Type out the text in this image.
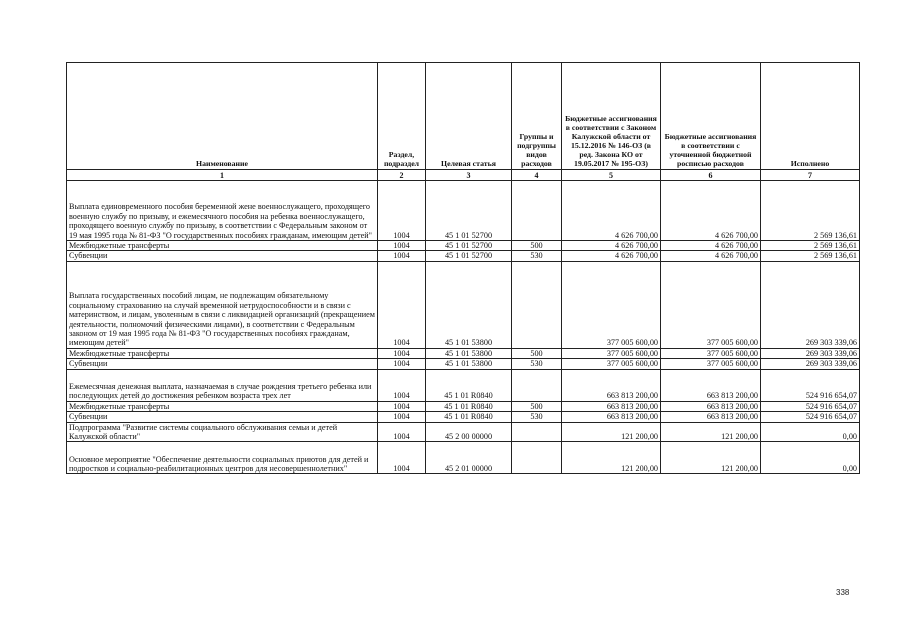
Наименование	Раздел, подраздел	Целевая статья	Группы и подгруппы видов расходов	Бюджетные ассигнования в соответствии с Законом Калужской области от 15.12.2016 № 146-ОЗ (в ред. Закона КО от 19.05.2017 № 195-ОЗ)	Бюджетные ассигнования в соответствии с уточненной бюджетной росписью расходов	Исполнено
1	2	3	4	5	6	7
Выплата единовременного пособия беременной жене военнослужащего, проходящего военную службу по призыву, и ежемесячного пособия на ребенка военнослужащего, проходящего военную службу по призыву, в соответствии с Федеральным законом от 19 мая 1995 года № 81-ФЗ "О государственных пособиях гражданам, имеющим детей"	1004	45 1 01 52700		4 626 700,00	4 626 700,00	2 569 136,61
Межбюджетные трансферты	1004	45 1 01 52700	500	4 626 700,00	4 626 700,00	2 569 136,61
Субвенции	1004	45 1 01 52700	530	4 626 700,00	4 626 700,00	2 569 136,61
Выплата государственных пособий лицам, не подлежащим обязательному социальному страхованию на случай временной нетрудоспособности и в связи с материнством, и лицам, уволенным в связи с ликвидацией организаций (прекращением деятельности, полномочий физическими лицами), в соответствии с Федеральным законом от 19 мая 1995 года № 81-ФЗ "О государственных пособиях гражданам, имеющим детей"	1004	45 1 01 53800		377 005 600,00	377 005 600,00	269 303 339,06
Межбюджетные трансферты	1004	45 1 01 53800	500	377 005 600,00	377 005 600,00	269 303 339,06
Субвенции	1004	45 1 01 53800	530	377 005 600,00	377 005 600,00	269 303 339,06
Ежемесячная денежная выплата, назначаемая в случае рождения третьего ребенка или последующих детей до достижения ребенком возраста трех лет	1004	45 1 01 R0840		663 813 200,00	663 813 200,00	524 916 654,07
Межбюджетные трансферты	1004	45 1 01 R0840	500	663 813 200,00	663 813 200,00	524 916 654,07
Субвенции	1004	45 1 01 R0840	530	663 813 200,00	663 813 200,00	524 916 654,07
Подпрограмма "Развитие системы социального обслуживания семьи и детей Калужской области"	1004	45 2 00 00000		121 200,00	121 200,00	0,00
Основное мероприятие "Обеспечение деятельности социальных приютов для детей и подростков и социально-реабилитационных центров для несовершеннолетних"	1004	45 2 01 00000		121 200,00	121 200,00	0,00
338
